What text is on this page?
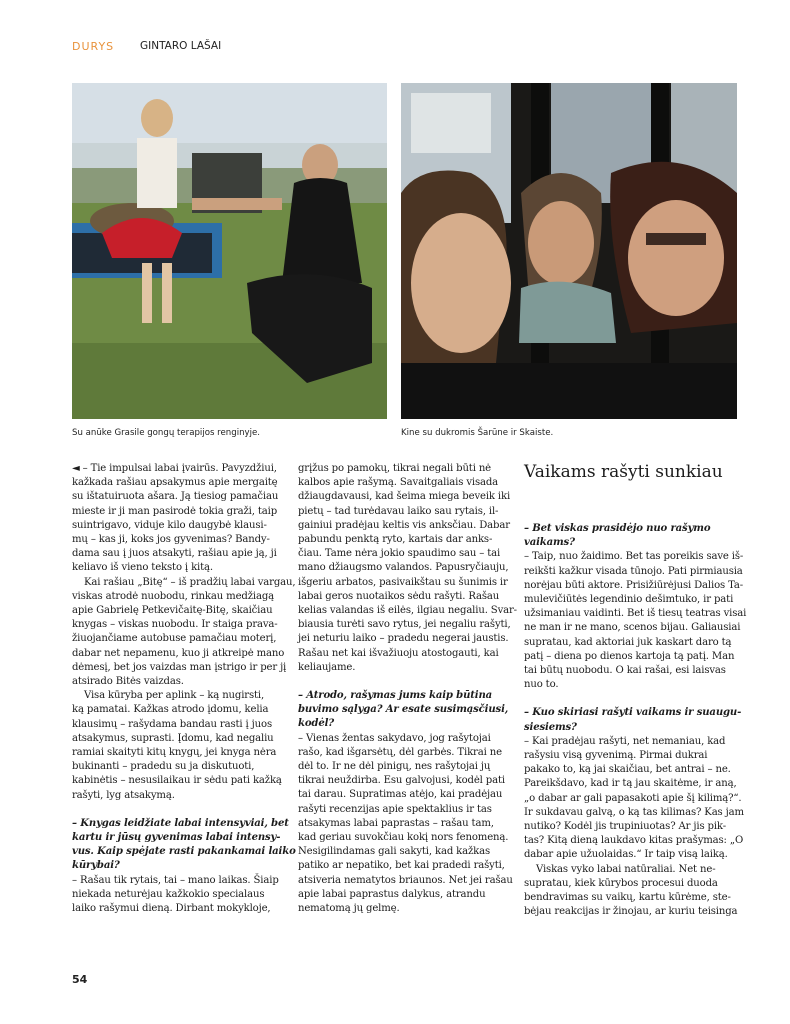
DURYS GINTARO LAŠAI
Su anūke Grasile gongų terapijos renginyje.	Kine su dukromis Šarūne ir Skaiste.

◄ – Tie impulsai labai įvairūs. Pavyzdžiui,

kažkada rašiau apsakymus apie mergaitę

su ištatuiruota ašara. Ją tiesiog pamačiau

mieste ir ji man pasirodė tokia graži, taip

suintrigavo, viduje kilo daugybė klausi-

mų – kas ji, koks jos gyvenimas? Bandy-

dama sau į juos atsakyti, rašiau apie ją, ji

keliavo iš vieno teksto į kitą.

Kai rašiau „Bitę“ – iš pradžių labai vargau,

viskas atrodė nuobodu, rinkau medžiagą

apie Gabrielę Petkevičaitę-Bitę, skaičiau

knygas – viskas nuobodu. Ir staiga prava-

žiuojančiame autobuse pamačiau moterį,

dabar net nepamenu, kuo ji atkreipė mano

dėmesį, bet jos vaizdas man įstrigo ir per jį

atsirado Bitės vaizdas.

Visa kūryba per aplink – ką nugirsti,

ką pamatai. Kažkas atrodo įdomu, kelia

klausimų – rašydama bandau rasti į juos

atsakymus, suprasti. Įdomu, kad negaliu

ramiai skaityti kitų knygų, jei knyga nėra

bukinanti – pradedu su ja diskutuoti,

kabinėtis – nesusilaikau ir sėdu pati kažką

rašyti, lyg atsakymą.

– Knygas leidžiate labai intensyviai, bet

kartu ir jūsų gyvenimas labai intensy-

vus. Kaip spėjate rasti pakankamai laiko

kūrybai?

– Rašau tik rytais, tai – mano laikas. Šiaip

niekada neturėjau kažkokio specialaus

laiko rašymui dieną. Dirbant mokykloje,

grįžus po pamokų, tikrai negali būti nė

kalbos apie rašymą. Savaitgaliais visada

džiaugdavausi, kad šeima miega beveik iki

pietų – tad turėdavau laiko sau rytais, il-

gainiui pradėjau keltis vis anksčiau. Dabar

pabundu penktą ryto, kartais dar anks-

čiau. Tame nėra jokio spaudimo sau – tai

mano džiaugsmo valandos. Papusryčiauju,

išgeriu arbatos, pasivaikštau su šunimis ir

labai geros nuotaikos sėdu rašyti. Rašau

kelias valandas iš eilės, ilgiau negaliu. Svar-

biausia turėti savo rytus, jei negaliu rašyti,

jei neturiu laiko – pradedu negerai jaustis.

Rašau net kai išvažiuoju atostogauti, kai

keliaujame.

– Atrodo, rašymas jums kaip būtina

buvimo sąlyga? Ar esate susimąsčiusi,

kodėl?

– Vienas žentas sakydavo, jog rašytojai

rašo, kad išgarsėtų, dėl garbės. Tikrai ne

dėl to. Ir ne dėl pinigų, nes rašytojai jų

tikrai neuždirba. Esu galvojusi, kodėl pati

tai darau. Supratimas atėjo, kai pradėjau

rašyti recenzijas apie spektaklius ir tas

atsakymas labai paprastas – rašau tam,

kad geriau suvokčiau kokį nors fenomeną.

Nesigilindamas gali sakyti, kad kažkas

patiko ar nepatiko, bet kai pradedi rašyti,

atsiveria nematytos briaunos. Net jei rašau

apie labai paprastus dalykus, atrandu

nematomą jų gelmę.

Vaikams rašyti sunkiau

– Bet viskas prasidėjo nuo rašymo

vaikams?

– Taip, nuo žaidimo. Bet tas poreikis save iš-

reikšti kažkur visada tūnojo. Pati pirmiausia

norėjau būti aktore. Prisižiūrėjusi Dalios Ta-

mulevičiūtės legendinio dešimtuko, ir pati

užsimaniau vaidinti. Bet iš tiesų teatras visai

ne man ir ne mano, scenos bijau. Galiausiai

supratau, kad aktoriai juk kaskart daro tą

patį – diena po dienos kartoja tą patį. Man

tai būtų nuobodu. O kai rašai, esi laisvas

nuo to.

– Kuo skiriasi rašyti vaikams ir suaugu-

siesiems?

– Kai pradėjau rašyti, net nemaniau, kad

rašysiu visą gyvenimą. Pirmai dukrai

pakako to, ką jai skaičiau, bet antrai – ne.

Pareikšdavo, kad ir tą jau skaitėme, ir aną,

„o dabar ar gali papasakoti apie šį kilimą?“.

Ir sukdavau galvą, o ką tas kilimas? Kas jam

nutiko? Kodėl jis trupiniuotas? Ar jis pik-

tas? Kitą dieną laukdavo kitas prašymas: „O

dabar apie užuolaidas.“ Ir taip visą laiką.

Viskas vyko labai natūraliai. Net ne-

supratau, kiek kūrybos procesui duoda

bendravimas su vaikų, kartu kūrėme, ste-

bėjau reakcijas ir žinojau, ar kuriu teisinga

54
